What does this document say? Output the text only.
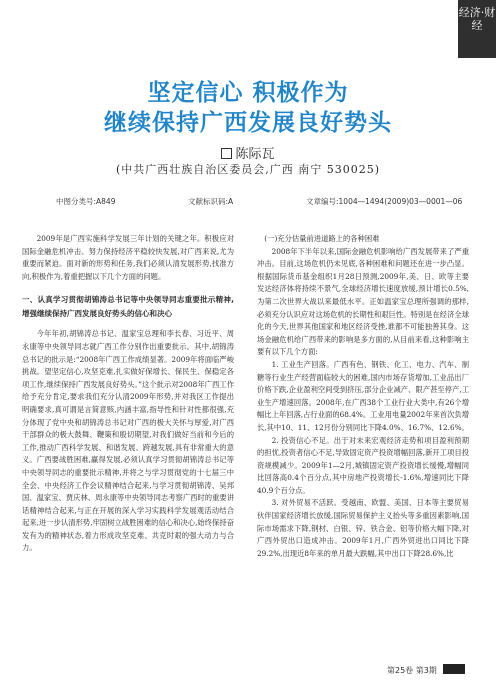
经济·财经
坚定信心 积极作为
继续保持广西发展良好势头
陈际瓦
(中共广西壮族自治区委员会,广西 南宁 530025)
中图分类号:A849	文献标识码:A	文章编号:1004—1494(2009)03—0001—06

2009年是广西实施科学发展三年计划的关键之年。积极应对国际金融危机冲击、努力保持经济平稳较快发展,对广西来说,尤为重要而紧迫。面对新的形势和任务,我们必须认清发展形势,找准方向,积极作为,着重把握以下几个方面的问题。

一、认真学习贯彻胡锦涛总书记等中央领导同志重要批示精神,增强继续保持广西发展良好势头的信心和决心

今年年初,胡锦涛总书记、温家宝总理和李长春、习近平、周永康等中央领导同志就广西工作分别作出重要批示。其中,胡锦涛总书记的批示是:“2008年广西工作成绩显著。2009年将面临严峻挑战。望坚定信心,攻坚克难,扎实做好保增长、保民生、保稳定各项工作,继续保持广西发展良好势头。”这个批示对2008年广西工作给予充分肯定,要求我们充分认清2009年形势,并对我区工作提出明确要求,真可谓是言简意赅,内涵丰富,指导性和针对性都很强,充分体现了党中央和胡锦涛总书记对广西的极大关怀与厚爱,对广西干部群众的极大鼓舞、鞭策和殷切期望,对我们做好当前和今后的工作,推动广西科学发展、和谐发展、跨越发展,具有非常重大的意义。广西要战胜困难,赢得发展,必须认真学习贯彻胡锦涛总书记等中央领导同志的重要批示精神,并将之与学习贯彻党的十七届三中全会、中央经济工作会议精神结合起来,与学习贯彻胡锦涛、吴邦国、温家宝、贾庆林、周永康等中央领导同志考察广西时的重要讲话精神结合起来,与正在开展的深入学习实践科学发展观活动结合起来,进一步认清形势,牢固树立战胜困难的信心和决心,始终保持奋发有为的精神状态,着力形成攻坚克难、共克时艰的强大动力与合力。

(一)充分估量前进道路上的各种困难

2008年下半年以来,国际金融危机影响给广西发展带来了严重冲击。目前,这场危机仍未见底,各种困难和问题还在进一步凸显。根据国际货币基金组织1月28日预测,2009年,美、日、欧等主要发达经济体将持续不景气,全球经济增长速度放缓,预计增长0.5%,为第二次世界大战以来最低水平。正如温家宝总理所强调的那样,必须充分认识应对这场危机的长期性和艰巨性。特别是在经济全球化的今天,世界其他国家和地区经济受挫,谁都不可能独善其身。这场金融危机给广西带来的影响是多方面的,从目前来看,这种影响主要有以下几个方面:

1. 工业生产回落。广西有色、钢铁、化工、电力、汽车、制糖等行业生产经营面临较大的困难,国内市场存货增加,工业品出厂价格下跌,企业盈利空间受到挤压,部分企业减产、限产甚至停产,工业生产增速回落。2008年,在广西38个工业行业大类中,有26个增幅比上年回落,占行业面的68.4%。工业用电量2002年来首次负增长,其中10、11、12月份分别同比下降4.0%、16.7%、12.6%。

2. 投资信心不足。出于对未来宏观经济走势和项目盈利预期的担忧,投资者信心不足,导致固定资产投资增幅回落,新开工项目投资规模减少。2009年1—2月,城镇固定资产投资增长缓慢,增幅同比回落高0.4个百分点,其中房地产投资增长-1.6%,增速同比下降40.9个百分点。

3. 对外贸易不活跃。受越南、欧盟、美国、日本等主要贸易伙伴国家经济增长放缓,国际贸易保护主义抬头等多重因素影响,国际市场需求下降,钢材、白银、锌、铁合金、铝等价格大幅下降,对广西外贸出口造成冲击。2009年1月,广西外贸进出口同比下降29.2%,出现近8年来的单月最大跌幅,其中出口下降28.6%,比

第25卷 第3期
